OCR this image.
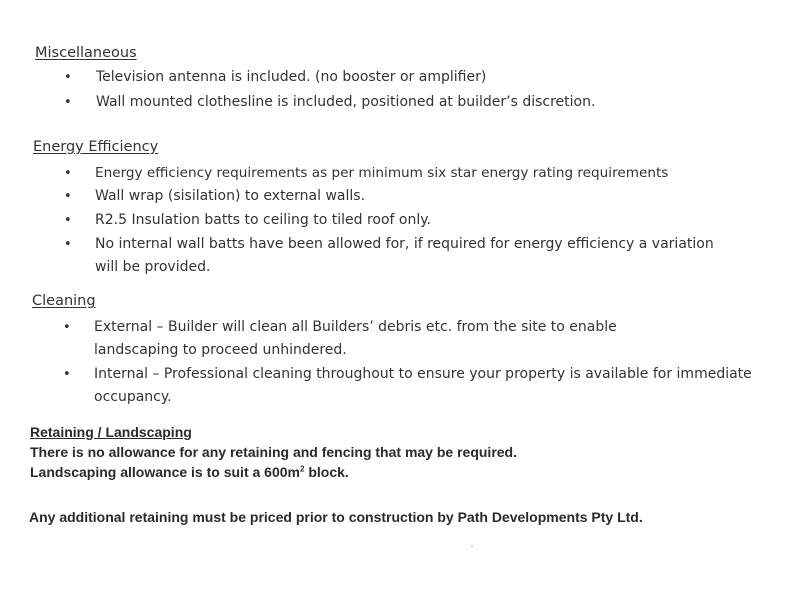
Miscellaneous
• Television antenna is included. (no booster or amplifier)
• Wall mounted clothesline is included, positioned at builder’s discretion.
Energy Efficiency
• Energy efficiency requirements as per minimum six star energy rating requirements
• Wall wrap (sisilation) to external walls.
• R2.5 Insulation batts to ceiling to tiled roof only.
• No internal wall batts have been allowed for, if required for energy efficiency a variation will be provided.
Cleaning
• External – Builder will clean all Builders’ debris etc. from the site to enable landscaping to proceed unhindered.
• Internal – Professional cleaning throughout to ensure your property is available for immediate occupancy.
Retaining / Landscaping
There is no allowance for any retaining and fencing that may be required.
Landscaping allowance is to suit a $600m^2$ block.
Any additional retaining must be priced prior to construction by Path Developments Pty Ltd.
